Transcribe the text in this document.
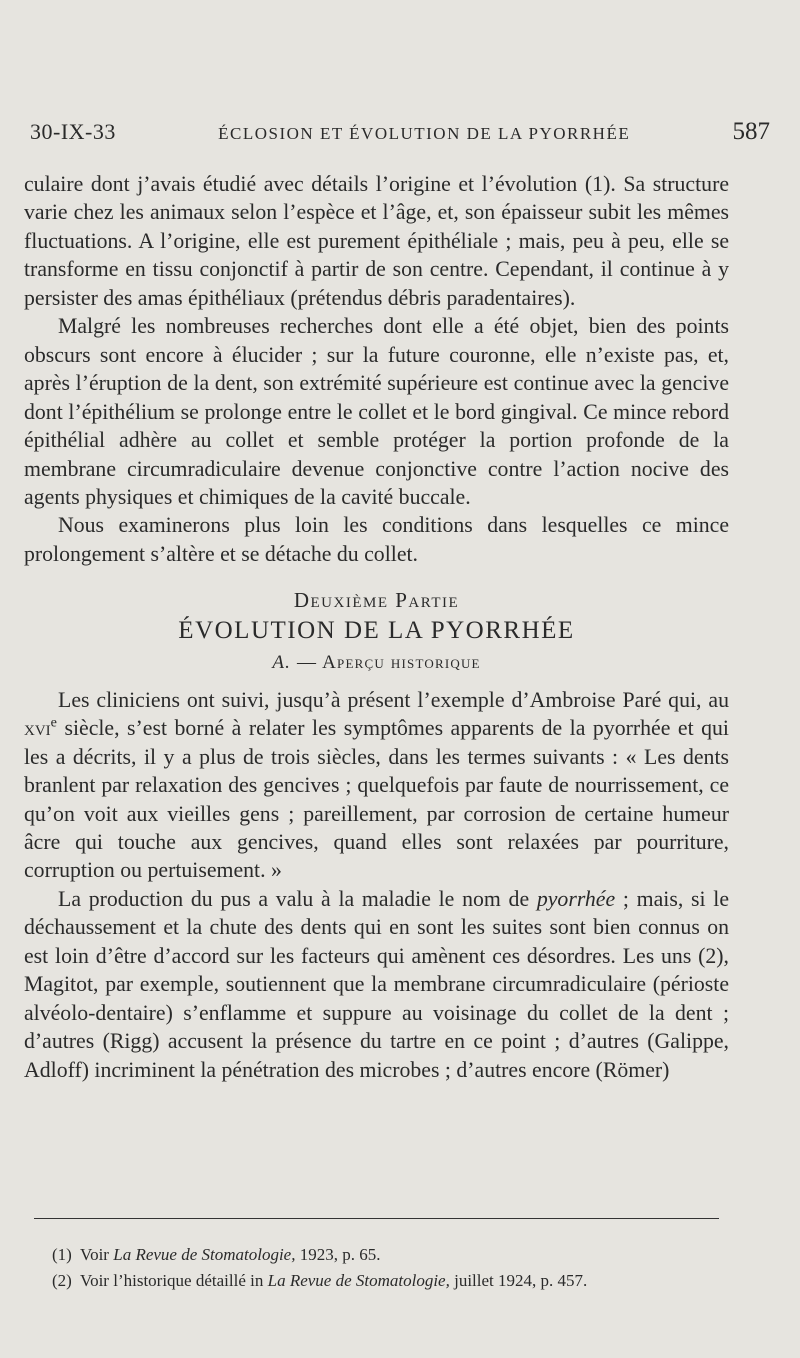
30-IX-33	ÉCLOSION ET ÉVOLUTION DE LA PYORRHÉE	587

culaire dont j’avais étudié avec détails l’origine et l’évolution (1). Sa structure varie chez les animaux selon l’espèce et l’âge, et, son épaisseur subit les mêmes fluctuations. A l’origine, elle est purement épithéliale ; mais, peu à peu, elle se transforme en tissu conjonctif à partir de son centre. Cependant, il continue à y persister des amas épithéliaux (prétendus débris paradentaires).

Malgré les nombreuses recherches dont elle a été objet, bien des points obscurs sont encore à élucider ; sur la future couronne, elle n’existe pas, et, après l’éruption de la dent, son extrémité supérieure est continue avec la gencive dont l’épithélium se prolonge entre le collet et le bord gingival. Ce mince rebord épithélial adhère au collet et semble protéger la portion profonde de la membrane circumradiculaire devenue conjonctive contre l’action nocive des agents physiques et chimiques de la cavité buccale.

Nous examinerons plus loin les conditions dans lesquelles ce mince prolongement s’altère et se détache du collet.

Deuxième Partie
ÉVOLUTION DE LA PYORRHÉE
A. — Aperçu historique

Les cliniciens ont suivi, jusqu’à présent l’exemple d’Ambroise Paré qui, au xvi$^e$ siècle, s’est borné à relater les symptômes apparents de la pyorrhée et qui les a décrits, il y a plus de trois siècles, dans les termes suivants : « Les dents branlent par relaxation des gencives ; quelquefois par faute de nourrissement, ce qu’on voit aux vieilles gens ; pareillement, par corrosion de certaine humeur âcre qui touche aux gencives, quand elles sont relaxées par pourriture, corruption ou pertuisement. »

La production du pus a valu à la maladie le nom de pyorrhée ; mais, si le déchaussement et la chute des dents qui en sont les suites sont bien connus on est loin d’être d’accord sur les facteurs qui amènent ces désordres. Les uns (2), Magitot, par exemple, soutiennent que la membrane circumradiculaire (périoste alvéolo-dentaire) s’enflamme et suppure au voisinage du collet de la dent ; d’autres (Rigg) accusent la présence du tartre en ce point ; d’autres (Galippe, Adloff) incriminent la pénétration des microbes ; d’autres encore (Römer)

(1) Voir La Revue de Stomatologie, 1923, p. 65.
(2) Voir l’historique détaillé in La Revue de Stomatologie, juillet 1924, p. 457.
